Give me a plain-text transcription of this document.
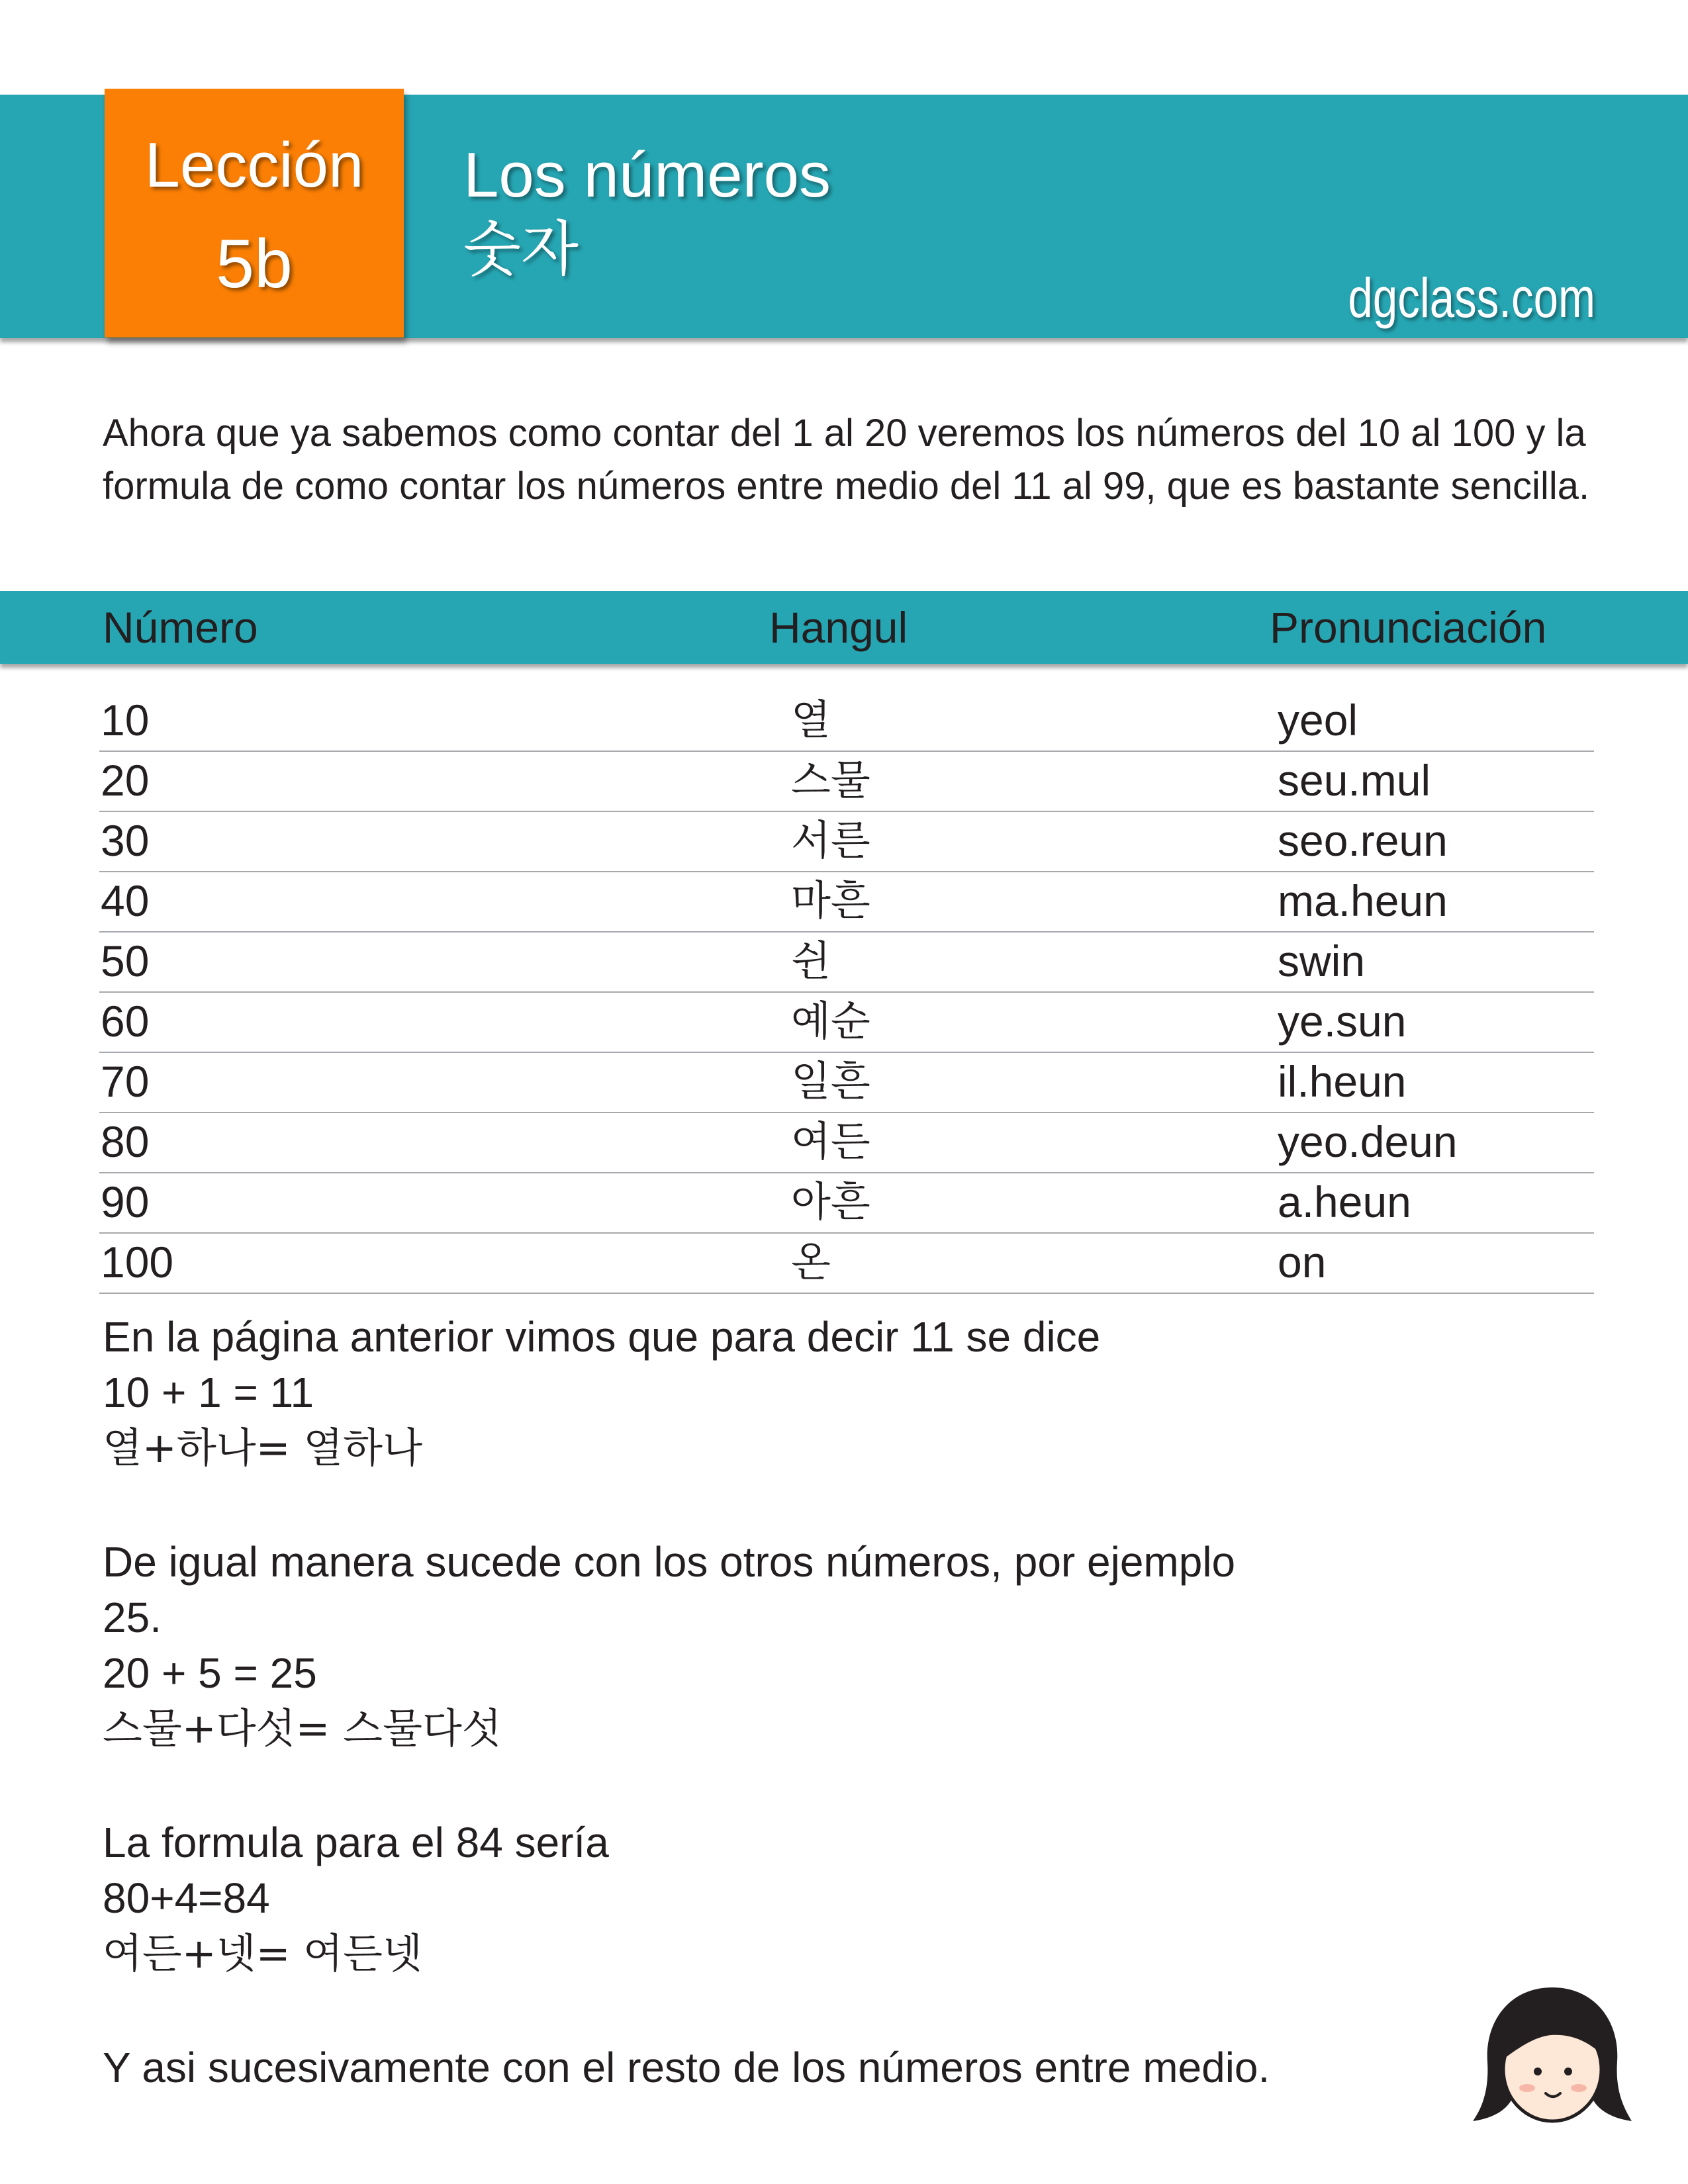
Lección
5b
Los números
숫자
dgclass.com
Ahora que ya sabemos como contar del 1 al 20 veremos los números del 10 al 100 y la formula de como contar los números entre medio del 11 al 99, que es bastante sencilla.
Número	Hangul	Pronunciación
10	열	yeol
20	스물	seu.mul
30	서른	seo.reun
40	마흔	ma.heun
50	쉰	swin
60	예순	ye.sun
70	일흔	il.heun
80	여든	yeo.deun
90	아흔	a.heun
100	온	on
En la página anterior vimos que para decir 11 se dice
10 + 1 = 11
열+하나= 열하나
De igual manera sucede con los otros números, por ejemplo
25.
20 + 5 = 25
스물+다섯= 스물다섯
La formula para el 84 sería
80+4=84
여든+넷= 여든넷
Y asi sucesivamente con el resto de los números entre medio.
